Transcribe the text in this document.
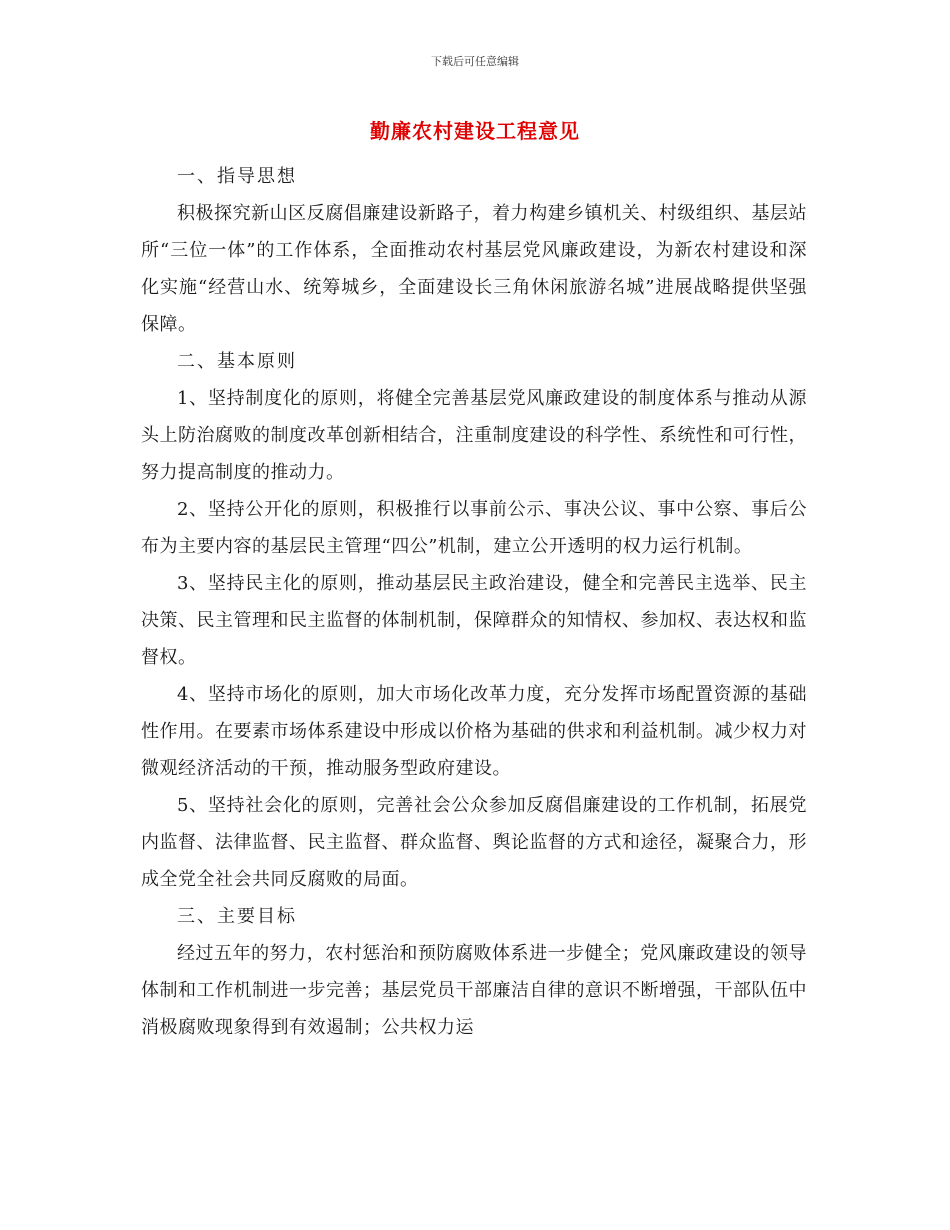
下载后可任意编辑
勤廉农村建设工程意见

一、指导思想

积极探究新山区反腐倡廉建设新路子，着力构建乡镇机关、村级组织、基层站所“三位一体”的工作体系，全面推动农村基层党风廉政建设，为新农村建设和深化实施“经营山水、统筹城乡，全面建设长三角休闲旅游名城”进展战略提供坚强保障。

二、基本原则

1、坚持制度化的原则，将健全完善基层党风廉政建设的制度体系与推动从源头上防治腐败的制度改革创新相结合，注重制度建设的科学性、系统性和可行性，努力提高制度的推动力。

2、坚持公开化的原则，积极推行以事前公示、事决公议、事中公察、事后公布为主要内容的基层民主管理“四公”机制，建立公开透明的权力运行机制。

3、坚持民主化的原则，推动基层民主政治建设，健全和完善民主选举、民主决策、民主管理和民主监督的体制机制，保障群众的知情权、参加权、表达权和监督权。

4、坚持市场化的原则，加大市场化改革力度，充分发挥市场配置资源的基础性作用。在要素市场体系建设中形成以价格为基础的供求和利益机制。减少权力对微观经济活动的干预，推动服务型政府建设。

5、坚持社会化的原则，完善社会公众参加反腐倡廉建设的工作机制，拓展党内监督、法律监督、民主监督、群众监督、舆论监督的方式和途径，凝聚合力，形成全党全社会共同反腐败的局面。

三、主要目标

经过五年的努力，农村惩治和预防腐败体系进一步健全；党风廉政建设的领导体制和工作机制进一步完善；基层党员干部廉洁自律的意识不断增强，干部队伍中消极腐败现象得到有效遏制；公共权力运
